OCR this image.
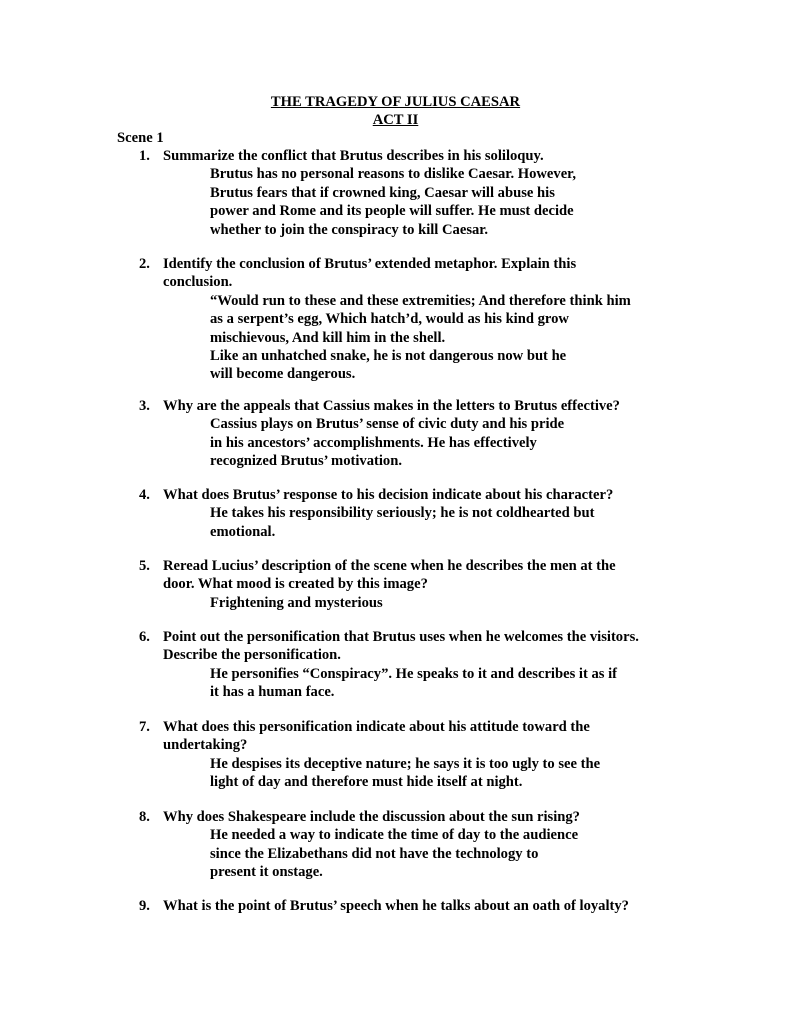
THE TRAGEDY OF JULIUS CAESAR
ACT II
Scene 1
1. Summarize the conflict that Brutus describes in his soliloquy.
Brutus has no personal reasons to dislike Caesar. However,
Brutus fears that if crowned king, Caesar will abuse his
power and Rome and its people will suffer. He must decide
whether to join the conspiracy to kill Caesar.
2. Identify the conclusion of Brutus’ extended metaphor. Explain this
conclusion.
“Would run to these and these extremities; And therefore think him
as a serpent’s egg, Which hatch’d, would as his kind grow
mischievous, And kill him in the shell.
Like an unhatched snake, he is not dangerous now but he
will become dangerous.
3. Why are the appeals that Cassius makes in the letters to Brutus effective?
Cassius plays on Brutus’ sense of civic duty and his pride
in his ancestors’ accomplishments. He has effectively
recognized Brutus’ motivation.
4. What does Brutus’ response to his decision indicate about his character?
He takes his responsibility seriously; he is not coldhearted but
emotional.
5. Reread Lucius’ description of the scene when he describes the men at the
door. What mood is created by this image?
Frightening and mysterious
6. Point out the personification that Brutus uses when he welcomes the visitors.
Describe the personification.
He personifies “Conspiracy”. He speaks to it and describes it as if
it has a human face.
7. What does this personification indicate about his attitude toward the
undertaking?
He despises its deceptive nature; he says it is too ugly to see the
light of day and therefore must hide itself at night.
8. Why does Shakespeare include the discussion about the sun rising?
He needed a way to indicate the time of day to the audience
since the Elizabethans did not have the technology to
present it onstage.
9. What is the point of Brutus’ speech when he talks about an oath of loyalty?
